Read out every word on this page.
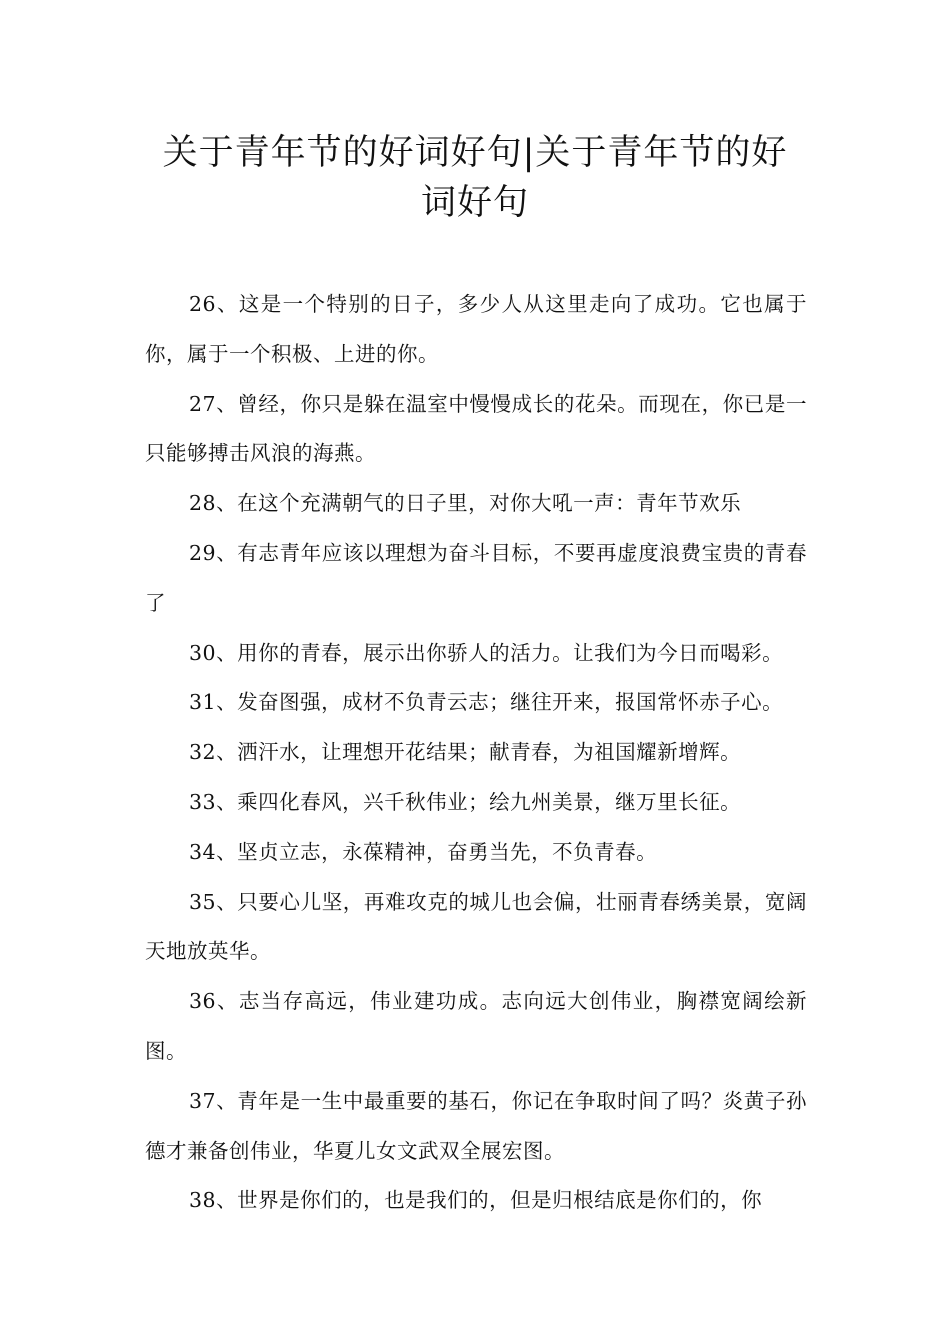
关于青年节的好词好句|关于青年节的好词好句

26、这是一个特别的日子，多少人从这里走向了成功。它也属于你，属于一个积极、上进的你。

27、曾经，你只是躲在温室中慢慢成长的花朵。而现在，你已是一只能够搏击风浪的海燕。

28、在这个充满朝气的日子里，对你大吼一声：青年节欢乐

29、有志青年应该以理想为奋斗目标，不要再虚度浪费宝贵的青春了

30、用你的青春，展示出你骄人的活力。让我们为今日而喝彩。

31、发奋图强，成材不负青云志；继往开来，报国常怀赤子心。

32、洒汗水，让理想开花结果；献青春，为祖国耀新增辉。

33、乘四化春风，兴千秋伟业；绘九州美景，继万里长征。

34、坚贞立志，永葆精神，奋勇当先，不负青春。

35、只要心儿坚，再难攻克的城儿也会偏，壮丽青春绣美景，宽阔天地放英华。

36、志当存高远，伟业建功成。志向远大创伟业，胸襟宽阔绘新图。

37、青年是一生中最重要的基石，你记在争取时间了吗？炎黄子孙德才兼备创伟业，华夏儿女文武双全展宏图。

38、世界是你们的，也是我们的，但是归根结底是你们的，你
